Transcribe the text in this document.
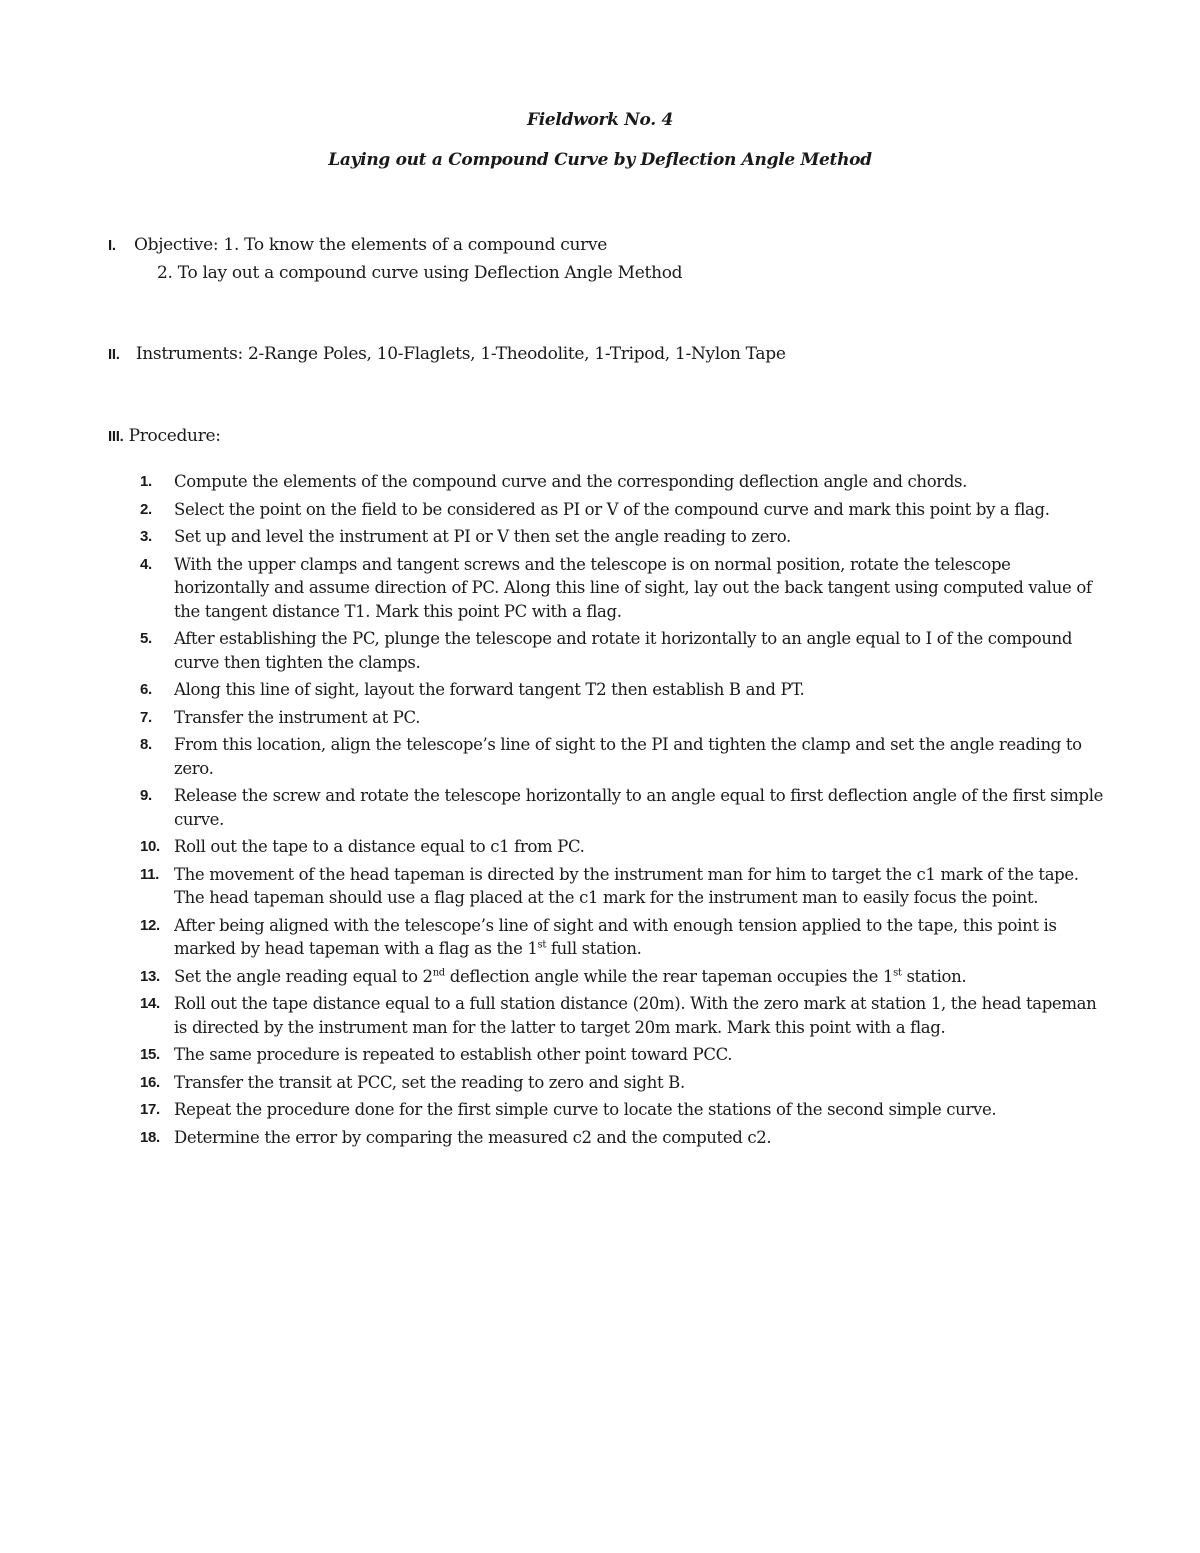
Fieldwork No. 4
Laying out a Compound Curve by Deflection Angle Method
I. Objective: 1. To know the elements of a compound curve
2. To lay out a compound curve using Deflection Angle Method
II. Instruments: 2-Range Poles, 10-Flaglets, 1-Theodolite, 1-Tripod, 1-Nylon Tape
III. Procedure:
1. Compute the elements of the compound curve and the corresponding deflection angle and chords.
2. Select the point on the field to be considered as PI or V of the compound curve and mark this point by a flag.
3. Set up and level the instrument at PI or V then set the angle reading to zero.
4. With the upper clamps and tangent screws and the telescope is on normal position, rotate the telescope horizontally and assume direction of PC. Along this line of sight, lay out the back tangent using computed value of the tangent distance T1. Mark this point PC with a flag.
5. After establishing the PC, plunge the telescope and rotate it horizontally to an angle equal to I of the compound curve then tighten the clamps.
6. Along this line of sight, layout the forward tangent T2 then establish B and PT.
7. Transfer the instrument at PC.
8. From this location, align the telescope’s line of sight to the PI and tighten the clamp and set the angle reading to zero.
9. Release the screw and rotate the telescope horizontally to an angle equal to first deflection angle of the first simple curve.
10. Roll out the tape to a distance equal to c1 from PC.
11. The movement of the head tapeman is directed by the instrument man for him to target the c1 mark of the tape. The head tapeman should use a flag placed at the c1 mark for the instrument man to easily focus the point.
12. After being aligned with the telescope’s line of sight and with enough tension applied to the tape, this point is marked by head tapeman with a flag as the 1st full station.
13. Set the angle reading equal to 2nd deflection angle while the rear tapeman occupies the 1st station.
14. Roll out the tape distance equal to a full station distance (20m). With the zero mark at station 1, the head tapeman is directed by the instrument man for the latter to target 20m mark. Mark this point with a flag.
15. The same procedure is repeated to establish other point toward PCC.
16. Transfer the transit at PCC, set the reading to zero and sight B.
17. Repeat the procedure done for the first simple curve to locate the stations of the second simple curve.
18. Determine the error by comparing the measured c2 and the computed c2.
